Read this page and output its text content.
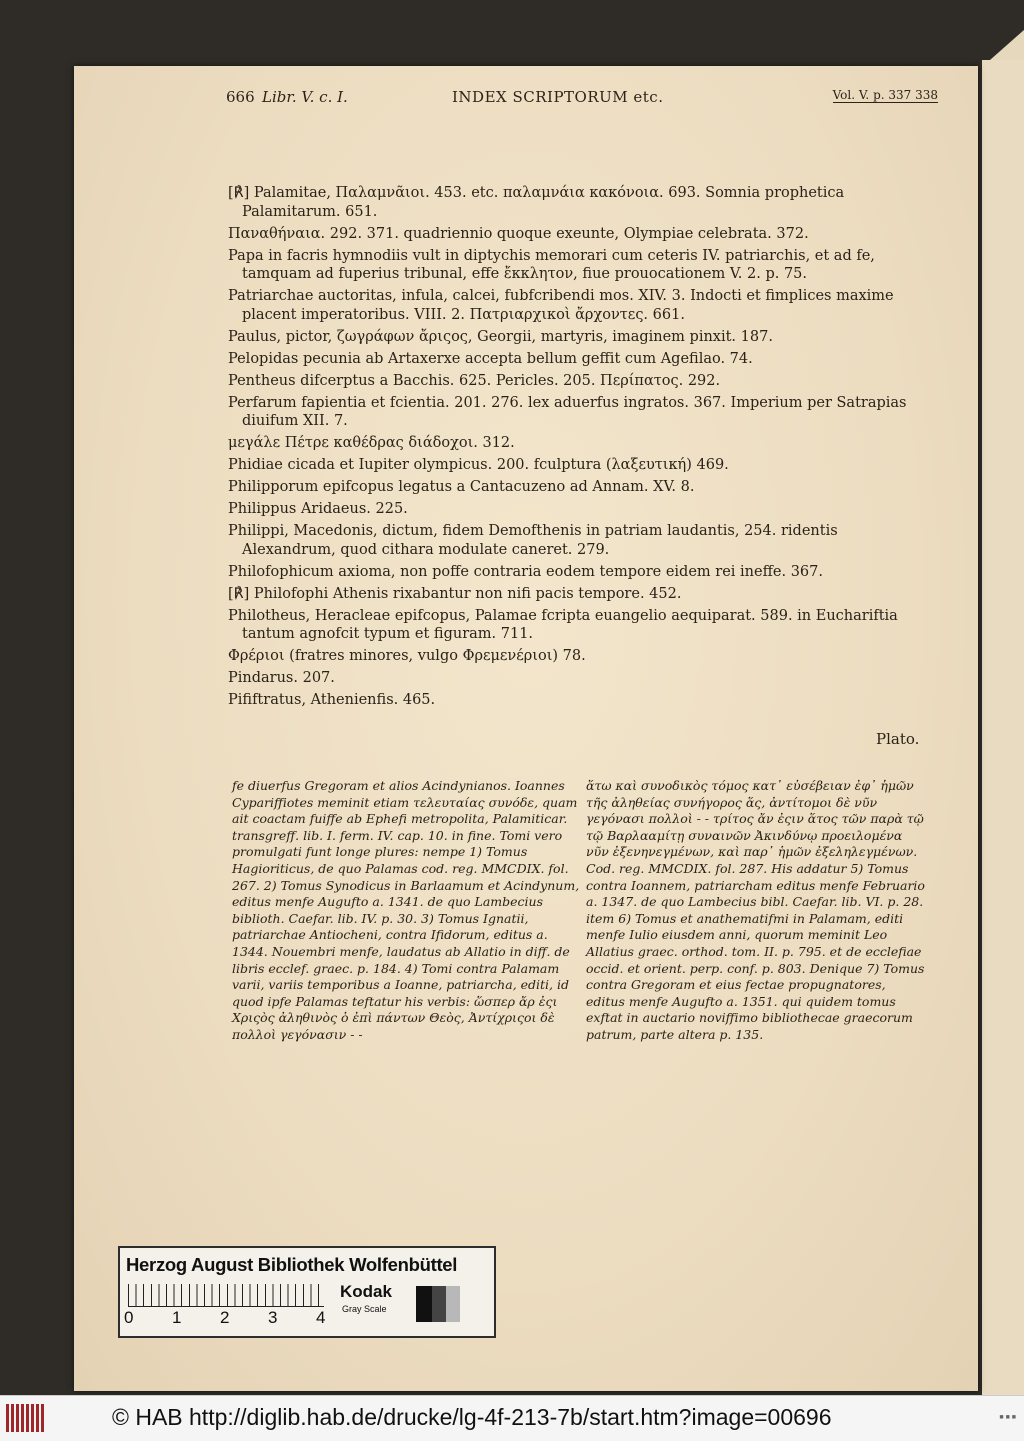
666 Libr. V. c. I.	INDEX SCRIPTORUM etc.	Vol. V. p. 337 338
[℟] Palamitae, Παλαμνᾶιοι. 453. etc. παλαμνάια κακόνοια. 693. Somnia prophetica Palamitarum. 651.
Παναθήναια. 292. 371. quadriennio quoque exeunte, Olympiae celebrata. 372.
Papa in facris hymnodiis vult in diptychis memorari cum ceteris IV. patriarchis, et ad fe, tamquam ad fuperius tribunal, effe ἔκκλητον, fiue prouocationem V. 2. p. 75.
Patriarchae auctoritas, infula, calcei, fubfcribendi mos. XIV. 3. Indocti et fimplices maxime placent imperatoribus. VIII. 2. Πατριαρχικοὶ ἄρχοντες. 661.
Paulus, pictor, ζωγράφων ἄριςος, Georgii, martyris, imaginem pinxit. 187.
Pelopidas pecunia ab Artaxerxe accepta bellum geffit cum Agefilao. 74.
Pentheus difcerptus a Bacchis. 625. Pericles. 205. Περίπατος. 292.
Perfarum fapientia et fcientia. 201. 276. lex aduerfus ingratos. 367. Imperium per Satrapias diuifum XII. 7.
μεγάλε Πέτρε καθέδρας διάδοχοι. 312.
Phidiae cicada et Iupiter olympicus. 200. fculptura (λαξευτική) 469.
Philipporum epifcopus legatus a Cantacuzeno ad Annam. XV. 8.
Philippus Aridaeus. 225.
Philippi, Macedonis, dictum, fidem Demofthenis in patriam laudantis, 254. ridentis Alexandrum, quod cithara modulate caneret. 279.
Philofophicum axioma, non poffe contraria eodem tempore eidem rei ineffe. 367.
[℟] Philofophi Athenis rixabantur non nifi pacis tempore. 452.
Philotheus, Heracleae epifcopus, Palamae fcripta euangelio aequiparat. 589. in Euchariftia tantum agnofcit typum et figuram. 711.
Φρέριοι (fratres minores, vulgo Φρεμενέριοι) 78.
Pindarus. 207.
Pififtratus, Athenienfis. 465.
Plato.
fe diuerfus Gregoram et alios Acindynianos. Ioannes Cypariffiotes meminit etiam τελευταίας συνόδε, quam ait coactam fuiffe ab Ephefi metropolita, Palamiticar. transgreff. lib. I. ferm. IV. cap. 10. in fine. Tomi vero promulgati funt longe plures: nempe 1) Tomus Hagioriticus, de quo Palamas cod. reg. MMCDIX. fol. 267. 2) Tomus Synodicus in Barlaamum et Acindynum, editus menfe Augufto a. 1341. de quo Lambecius biblioth. Caefar. lib. IV. p. 30. 3) Tomus Ignatii, patriarchae Antiocheni, contra Ifidorum, editus a. 1344. Nouembri menfe, laudatus ab Allatio in diff. de libris ecclef. graec. p. 184. 4) Tomi contra Palamam varii, variis temporibus a Ioanne, patriarcha, editi, id quod ipfe Palamas teftatur his verbis: ὥσπερ ἄρ ἐςι Χριςὸς ἀληθινὸς ὁ ἐπὶ πάντων Θεὸς, Ἀντίχριςοι δὲ πολλοὶ γεγόνασιν - -
ἅτω καὶ συνοδικὸς τόμος κατ᾽ εὐσέβειαν ἐφ᾽ ἡμῶν τῆς ἀληθείας συνήγορος ἅς, ἀντίτομοι δὲ νῦν γεγόνασι πολλοὶ - - τρίτος ἄν ἐςιν ἅτος τῶν παρὰ τῷ τῷ Βαρλααμίτῃ συναινῶν Ἀκινδύνῳ προειλομένα νῦν ἐξενηνεγμένων, καὶ παρ᾽ ἡμῶν ἐξεληλεγμένων. Cod. reg. MMCDIX. fol. 287. His addatur 5) Tomus contra Ioannem, patriarcham editus menfe Februario a. 1347. de quo Lambecius bibl. Caefar. lib. VI. p. 28. item 6) Tomus et anathematifmi in Palamam, editi menfe Iulio eiusdem anni, quorum meminit Leo Allatius graec. orthod. tom. II. p. 795. et de ecclefiae occid. et orient. perp. conf. p. 803. Denique 7) Tomus contra Gregoram et eius fectae propugnatores, editus menfe Augufto a. 1351. qui quidem tomus exftat in auctario noviffimo bibliothecae graecorum patrum, parte altera p. 135.
Herzog August Bibliothek Wolfenbüttel
0 1 2 3 4
Kodak
Gray Scale
© HAB http://diglib.hab.de/drucke/lg-4f-213-7b/start.htm?image=00696	■ ■ ■
